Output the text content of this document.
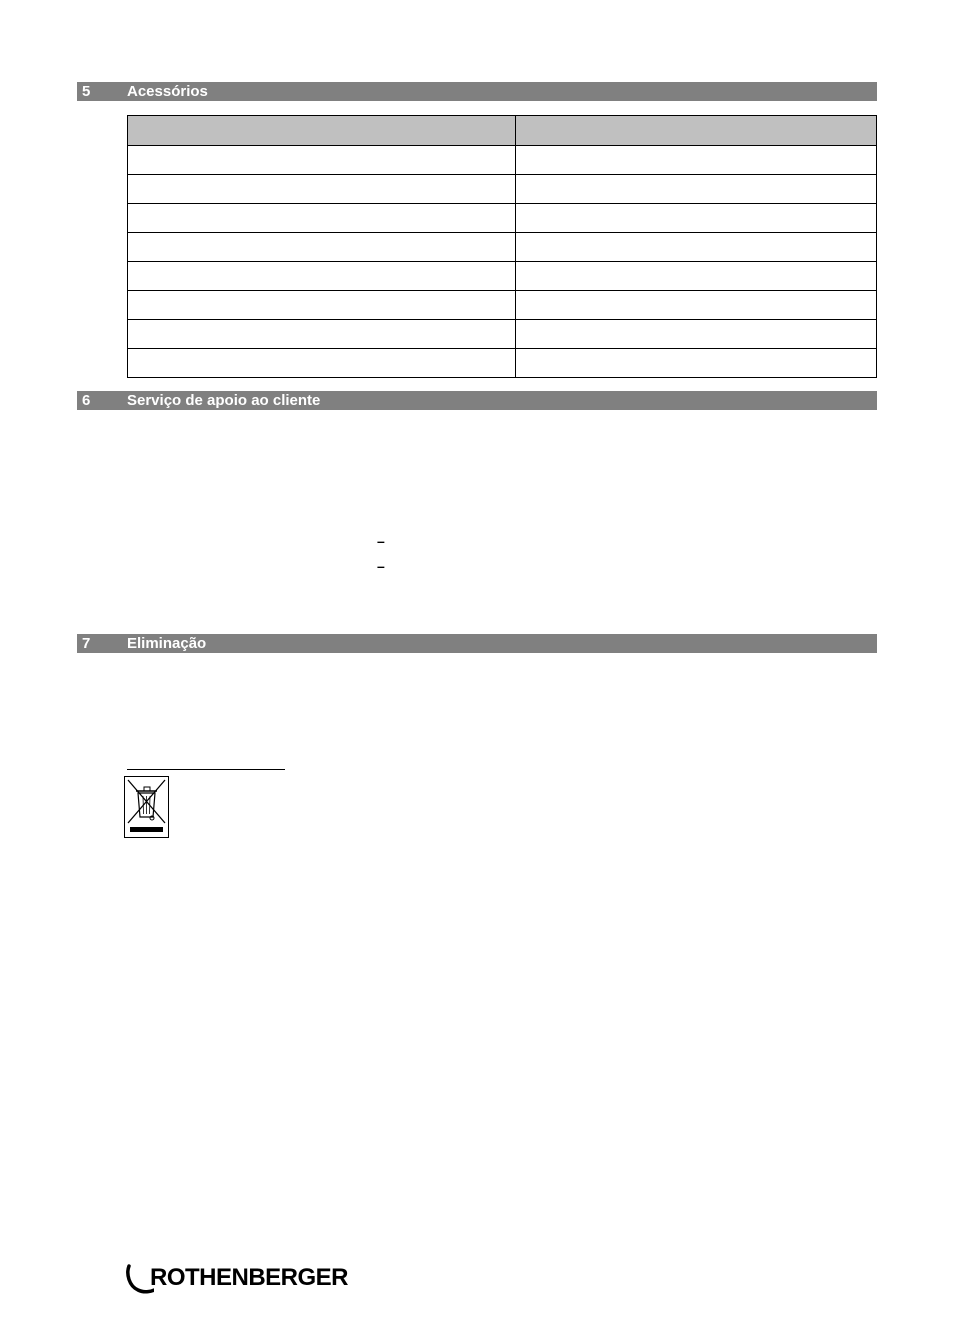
5 Acessórios

6 Serviço de apoio ao cliente
–
–
7 Eliminação
ROTHENBERGER
